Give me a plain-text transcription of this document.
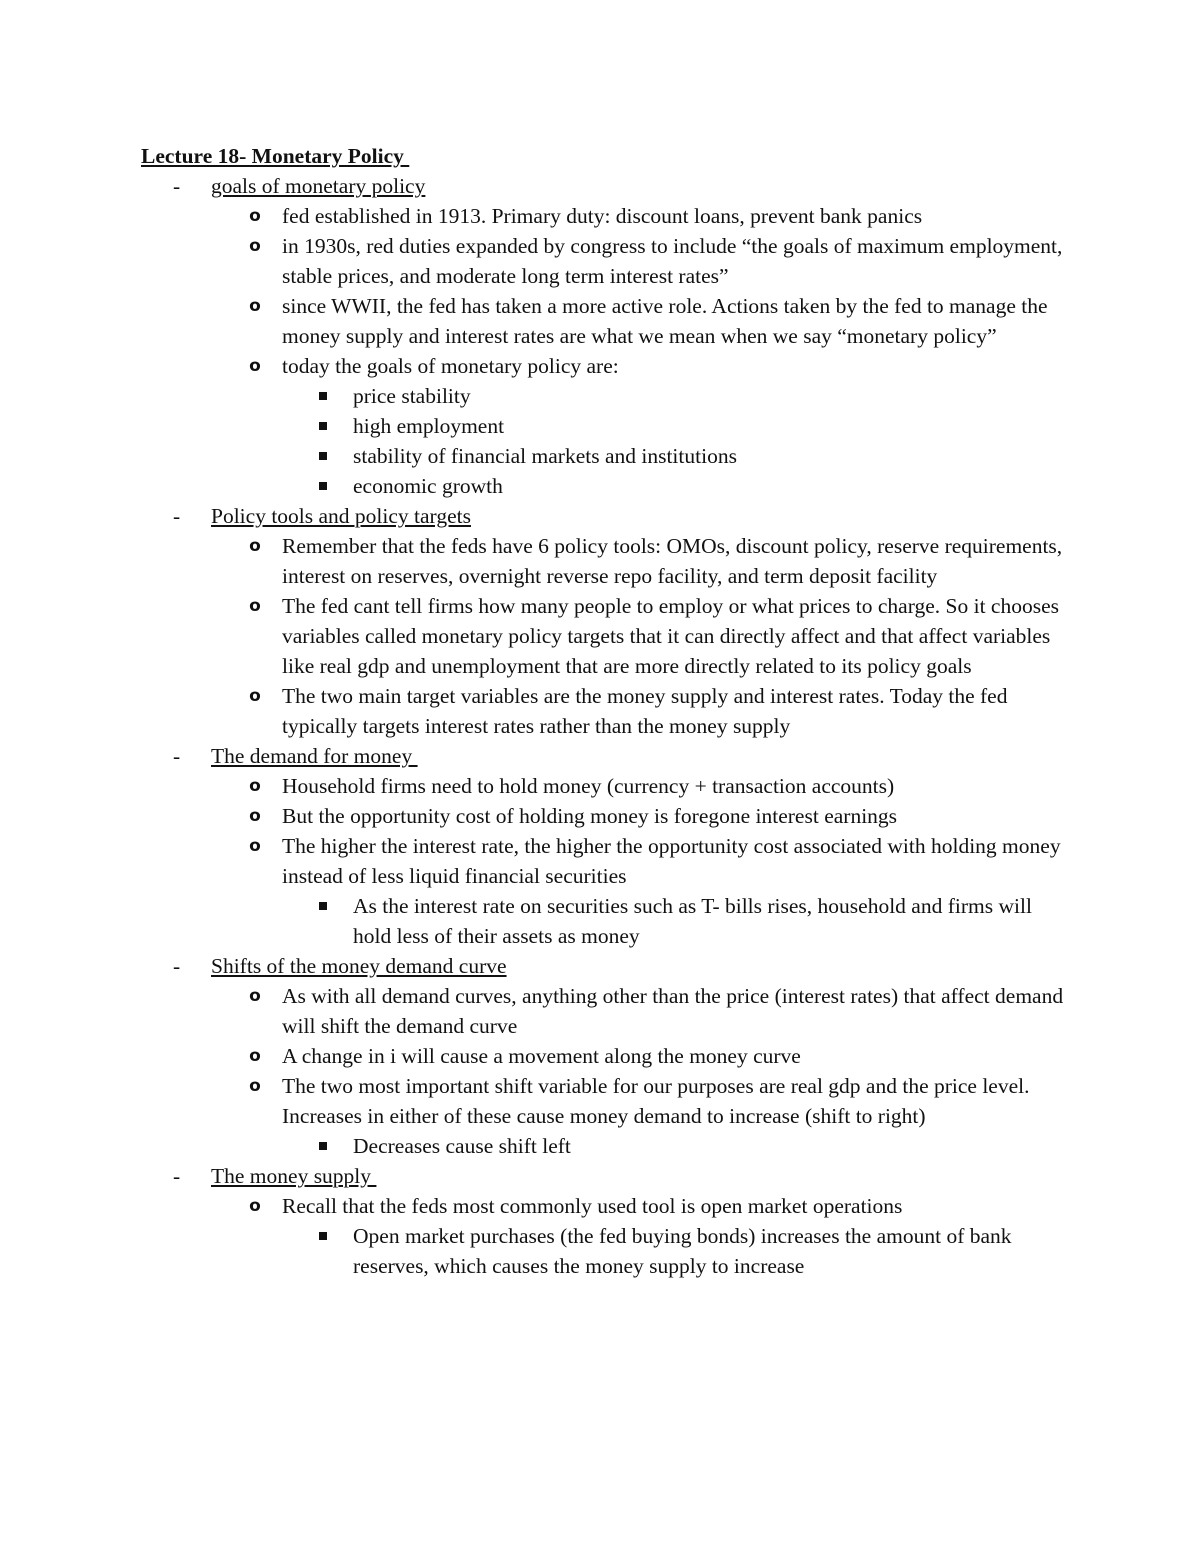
Lecture 18- Monetary Policy
- goals of monetary policy
o fed established in 1913. Primary duty: discount loans, prevent bank panics
o in 1930s, red duties expanded by congress to include “the goals of maximum employment, stable prices, and moderate long term interest rates”
o since WWII, the fed has taken a more active role. Actions taken by the fed to manage the money supply and interest rates are what we mean when we say “monetary policy”
o today the goals of monetary policy are:
price stability
high employment
stability of financial markets and institutions
economic growth
- Policy tools and policy targets
o Remember that the feds have 6 policy tools: OMOs, discount policy, reserve requirements, interest on reserves, overnight reverse repo facility, and term deposit facility
o The fed cant tell firms how many people to employ or what prices to charge. So it chooses variables called monetary policy targets that it can directly affect and that affect variables like real gdp and unemployment that are more directly related to its policy goals
o The two main target variables are the money supply and interest rates. Today the fed typically targets interest rates rather than the money supply
- The demand for money
o Household firms need to hold money (currency + transaction accounts)
o But the opportunity cost of holding money is foregone interest earnings
o The higher the interest rate, the higher the opportunity cost associated with holding money instead of less liquid financial securities
As the interest rate on securities such as T- bills rises, household and firms will hold less of their assets as money
- Shifts of the money demand curve
o As with all demand curves, anything other than the price (interest rates) that affect demand will shift the demand curve
o A change in i will cause a movement along the money curve
o The two most important shift variable for our purposes are real gdp and the price level. Increases in either of these cause money demand to increase (shift to right)
Decreases cause shift left
- The money supply
o Recall that the feds most commonly used tool is open market operations
Open market purchases (the fed buying bonds) increases the amount of bank reserves, which causes the money supply to increase
